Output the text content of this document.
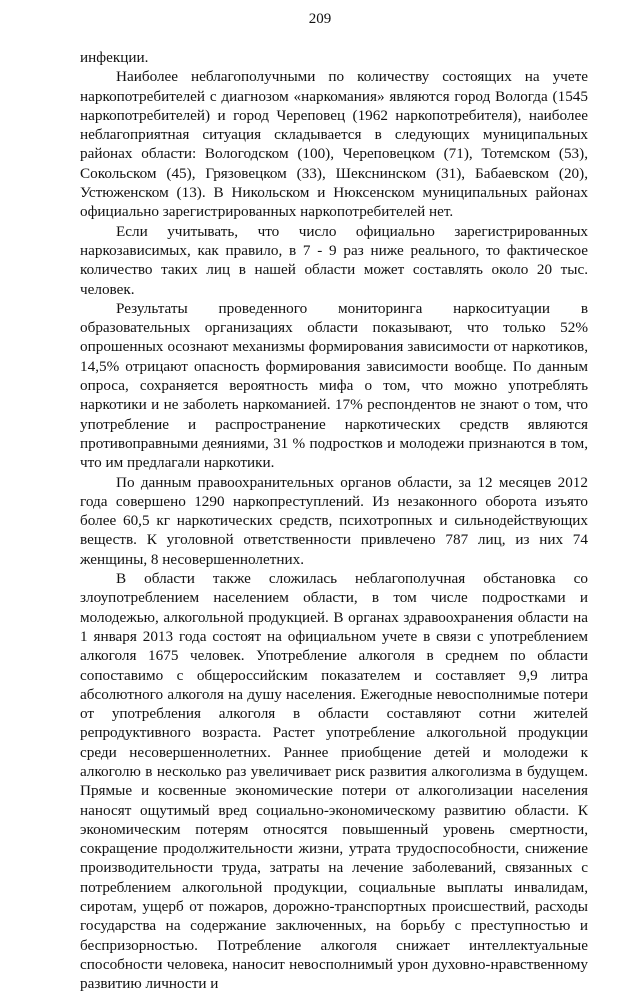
209

инфекции.

Наиболее неблагополучными по количеству состоящих на учете наркопотребителей с диагнозом «наркомания» являются город Вологда (1545 наркопотребителей) и город Череповец (1962 наркопотребителя), наиболее неблагоприятная ситуация складывается в следующих муниципальных районах области: Вологодском (100), Череповецком (71), Тотемском (53), Сокольском (45), Грязовецком (33), Шекснинском (31), Бабаевском (20), Устюженском (13). В Никольском и Нюксенском муниципальных районах официально зарегистрированных наркопотребителей нет.

Если учитывать, что число официально зарегистрированных наркозависимых, как правило, в 7 - 9 раз ниже реального, то фактическое количество таких лиц в нашей области может составлять около 20 тыс. человек.

Результаты проведенного мониторинга наркоситуации в образовательных организациях области показывают, что только 52% опрошенных осознают механизмы формирования зависимости от наркотиков, 14,5% отрицают опасность формирования зависимости вообще. По данным опроса, сохраняется вероятность мифа о том, что можно употреблять наркотики и не заболеть наркоманией. 17% респондентов не знают о том, что употребление и распространение наркотических средств являются противоправными деяниями, 31 % подростков и молодежи признаются в том, что им предлагали наркотики.

По данным правоохранительных органов области, за 12 месяцев 2012 года совершено 1290 наркопреступлений. Из незаконного оборота изъято более 60,5 кг наркотических средств, психотропных и сильнодействующих веществ. К уголовной ответственности привлечено 787 лиц, из них 74 женщины, 8 несовершеннолетних.

В области также сложилась неблагополучная обстановка со злоупотреблением населением области, в том числе подростками и молодежью, алкогольной продукцией. В органах здравоохранения области на 1 января 2013 года состоят на официальном учете в связи с употреблением алкоголя 1675 человек. Употребление алкоголя в среднем по области сопоставимо с общероссийским показателем и составляет 9,9 литра абсолютного алкоголя на душу населения. Ежегодные невосполнимые потери от употребления алкоголя в области составляют сотни жителей репродуктивного возраста. Растет употребление алкогольной продукции среди несовершеннолетних. Раннее приобщение детей и молодежи к алкоголю в несколько раз увеличивает риск развития алкоголизма в будущем. Прямые и косвенные экономические потери от алкоголизации населения наносят ощутимый вред социально-экономическому развитию области. К экономическим потерям относятся повышенный уровень смертности, сокращение продолжительности жизни, утрата трудоспособности, снижение производительности труда, затраты на лечение заболеваний, связанных с потреблением алкогольной продукции, социальные выплаты инвалидам, сиротам, ущерб от пожаров, дорожно-транспортных происшествий, расходы государства на содержание заключенных, на борьбу с преступностью и беспризорностью. Потребление алкоголя снижает интеллектуальные способности человека, наносит невосполнимый урон духовно-нравственному развитию личности и
